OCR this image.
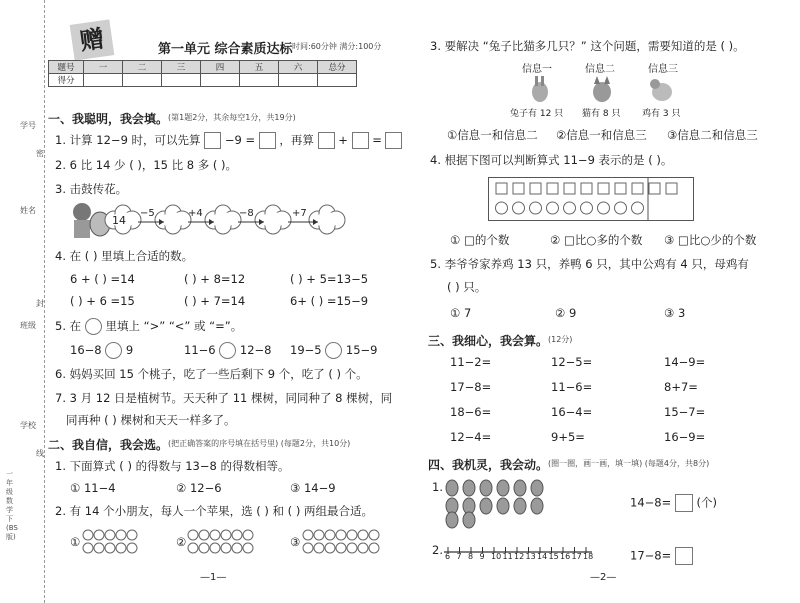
学号
姓名
班级
学校
密
封
线
一年级数学下(BS版)
赠	第一单元 综合素质达标 时间:60分钟 满分:100分
题号	一	二	三	四	五	六	总分
得分							
一、我聪明，我会填。 (第1题2分，其余每空1分，共19分)
1. 计算 12−9 时，可以先算 −9 = ，再算 + =
2. 6 比 14 少 ( )，15 比 8 多 ( )。
3. 击鼓传花。
14
−5	+4	−8	+7
4. 在 ( ) 里填上合适的数。
6 + ( ) =14	( ) + 8=12	( ) + 5=13−5
( ) + 6 =15	( ) + 7=14	6+ ( ) =15−9
5. 在 里填上 “>” “<” 或 “=”。
16−8 9	11−6 12−8 19−5 15−9
6. 妈妈买回 15 个桃子，吃了一些后剩下 9 个，吃了 ( ) 个。
7. 3 月 12 日是植树节。天天种了 11 棵树，同同种了 8 棵树，同
同再种 ( ) 棵树和天天一样多了。
二、我自信，我会选。 (把正确答案的序号填在括号里) (每题2分，共10分)
1. 下面算式 ( ) 的得数与 13−8 的得数相等。
① 11−4	② 12−6	③ 14−9
2. 有 14 个小朋友，每人一个苹果，选 ( ) 和 ( ) 两组最合适。
①	②	③
—1—
3. 要解决 “兔子比猫多几只？” 这个问题，需要知道的是 ( )。
信息一	信息二	信息三
兔子有 12 只 猫有 8 只 鸡有 3 只
①信息一和信息二 ②信息一和信息三 ③信息二和信息三
4. 根据下图可以判断算式 11−9 表示的是 ( )。
① □的个数	② □比○多的个数 ③ □比○少的个数
5. 李爷爷家养鸡 13 只，养鸭 6 只，其中公鸡有 4 只，母鸡有
( ) 只。
① 7	② 9	③ 3
三、我细心，我会算。 (12分)
11−2=	12−5=	14−9=
17−8=	11−6=	8+7=
18−6=	16−4=	15−7=
12−4=	9+5=	16−9=
四、我机灵，我会动。 (圈一圈，画一画，填一填) (每题4分，共8分)
1.
14−8= (个)
2. 6 7 8 9 10 11 12 13 14 15 16 17 18	17−8=
—2—
